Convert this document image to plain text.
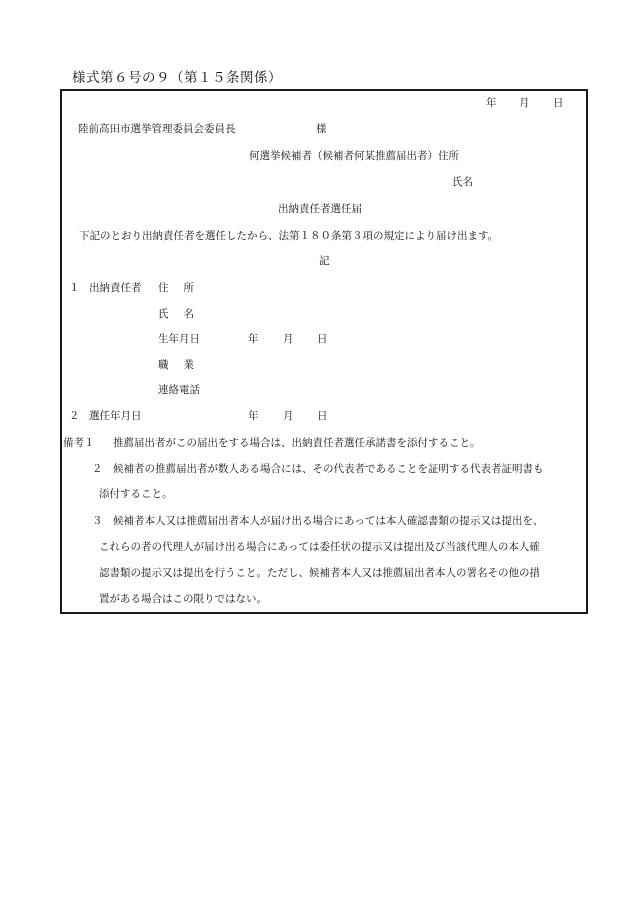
様式第６号の９（第１５条関係）
年 月 日
陸前高田市選挙管理委員会委員長	様
何選挙候補者（候補者何某推薦届出者）住所
氏名
出納責任者選任届
下記のとおり出納責任者を選任したから、法第１８０条第３項の規定により届け出ます。
記
１ 出納責任者 住所
氏名
生年月日	年 月 日
職業
連絡電話
２ 選任年月日	年 月 日
備考１ 推薦届出者がこの届出をする場合は、出納責任者選任承諾書を添付すること。
２ 候補者の推薦届出者が数人ある場合には、その代表者であることを証明する代表者証明書も
添付すること。
３ 候補者本人又は推薦届出者本人が届け出る場合にあっては本人確認書類の提示又は提出を、
これらの者の代理人が届け出る場合にあっては委任状の提示又は提出及び当該代理人の本人確
認書類の提示又は提出を行うこと。ただし、候補者本人又は推薦届出者本人の署名その他の措
置がある場合はこの限りではない。
